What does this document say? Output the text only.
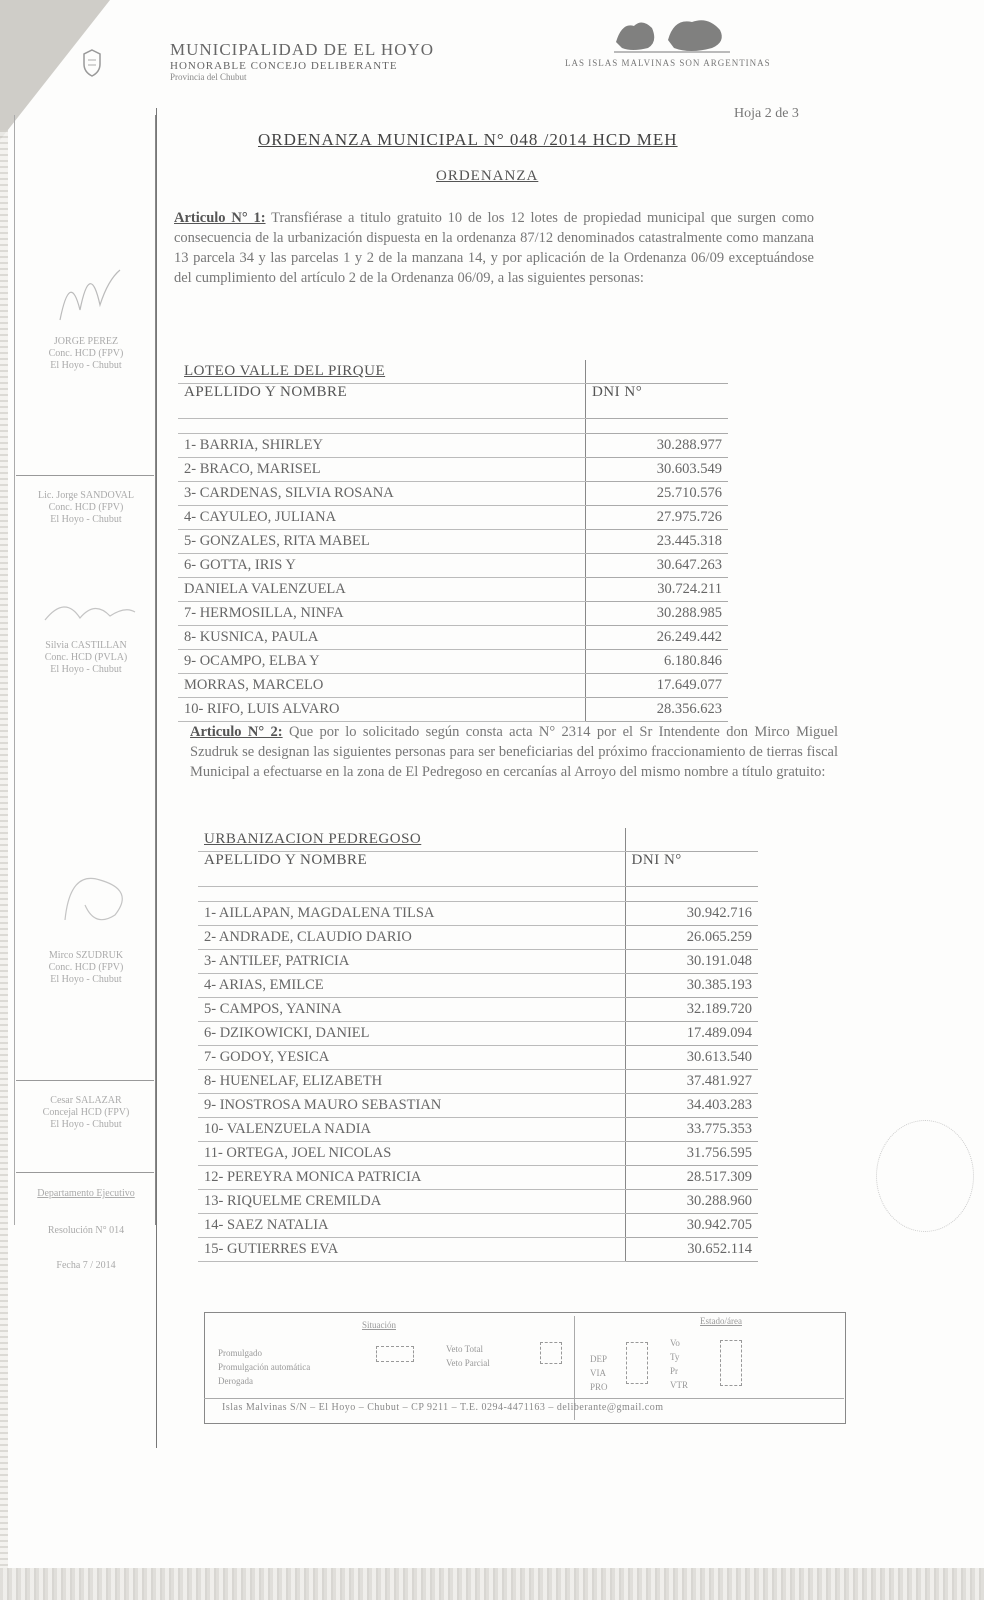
MUNICIPALIDAD DE EL HOYO
HONORABLE CONCEJO DELIBERANTE
Provincia del Chubut
LAS ISLAS MALVINAS SON ARGENTINAS
Hoja 2 de 3
JORGE PEREZ
Conc. HCD (FPV)
El Hoyo - Chubut
Lic. Jorge SANDOVAL
Conc. HCD (FPV)
El Hoyo - Chubut
Silvia CASTILLAN
Conc. HCD (PVLA)
El Hoyo - Chubut
Mirco SZUDRUK
Conc. HCD (FPV)
El Hoyo - Chubut
Cesar SALAZAR
Concejal HCD (FPV)
El Hoyo - Chubut
Departamento Ejecutivo
Resolución N° 014
Fecha 7 / 2014
ORDENANZA MUNICIPAL N° 048 /2014 HCD MEH
ORDENANZA
Articulo N° 1: Transfiérase a titulo gratuito 10 de los 12 lotes de propiedad municipal que surgen como consecuencia de la urbanización dispuesta en la ordenanza 87/12 denominados catastralmente como manzana 13 parcela 34 y las parcelas 1 y 2 de la manzana 14, y por aplicación de la Ordenanza 06/09 exceptuándose del cumplimiento del artículo 2 de la Ordenanza 06/09, a las siguientes personas:
LOTEO VALLE DEL PIRQUE	
APELLIDO Y NOMBRE	DNI N°

1- BARRIA, SHIRLEY	30.288.977
2- BRACO, MARISEL	30.603.549
3- CARDENAS, SILVIA ROSANA	25.710.576
4- CAYULEO, JULIANA	27.975.726
5- GONZALES, RITA MABEL	23.445.318
6- GOTTA, IRIS Y	30.647.263
DANIELA VALENZUELA	30.724.211
7- HERMOSILLA, NINFA	30.288.985
8- KUSNICA, PAULA	26.249.442
9- OCAMPO, ELBA Y	6.180.846
MORRAS, MARCELO	17.649.077
10- RIFO, LUIS ALVARO	28.356.623
Articulo N° 2: Que por lo solicitado según consta acta N° 2314 por el Sr Intendente don Mirco Miguel Szudruk se designan las siguientes personas para ser beneficiarias del próximo fraccionamiento de tierras fiscal Municipal a efectuarse en la zona de El Pedregoso en cercanías al Arroyo del mismo nombre a título gratuito:
URBANIZACION PEDREGOSO	
APELLIDO Y NOMBRE	DNI N°

1- AILLAPAN, MAGDALENA TILSA	30.942.716
2- ANDRADE, CLAUDIO DARIO	26.065.259
3- ANTILEF, PATRICIA	30.191.048
4- ARIAS, EMILCE	30.385.193
5- CAMPOS, YANINA	32.189.720
6- DZIKOWICKI, DANIEL	17.489.094
7- GODOY, YESICA	30.613.540
8- HUENELAF, ELIZABETH	37.481.927
9- INOSTROSA MAURO SEBASTIAN	34.403.283
10- VALENZUELA NADIA	33.775.353
11- ORTEGA, JOEL NICOLAS	31.756.595
12- PEREYRA MONICA PATRICIA	28.517.309
13- RIQUELME CREMILDA	30.288.960
14- SAEZ NATALIA	30.942.705
15- GUTIERRES EVA	30.652.114
Situación	Estado/área
Promulgado
Promulgación automática
Derogada
Veto Total
Veto Parcial	DEP
VIA
PRO
Vo
Ty
Pr
VTR
Islas Malvinas S/N – El Hoyo – Chubut – CP 9211 – T.E. 0294-4471163 – deliberante@gmail.com
